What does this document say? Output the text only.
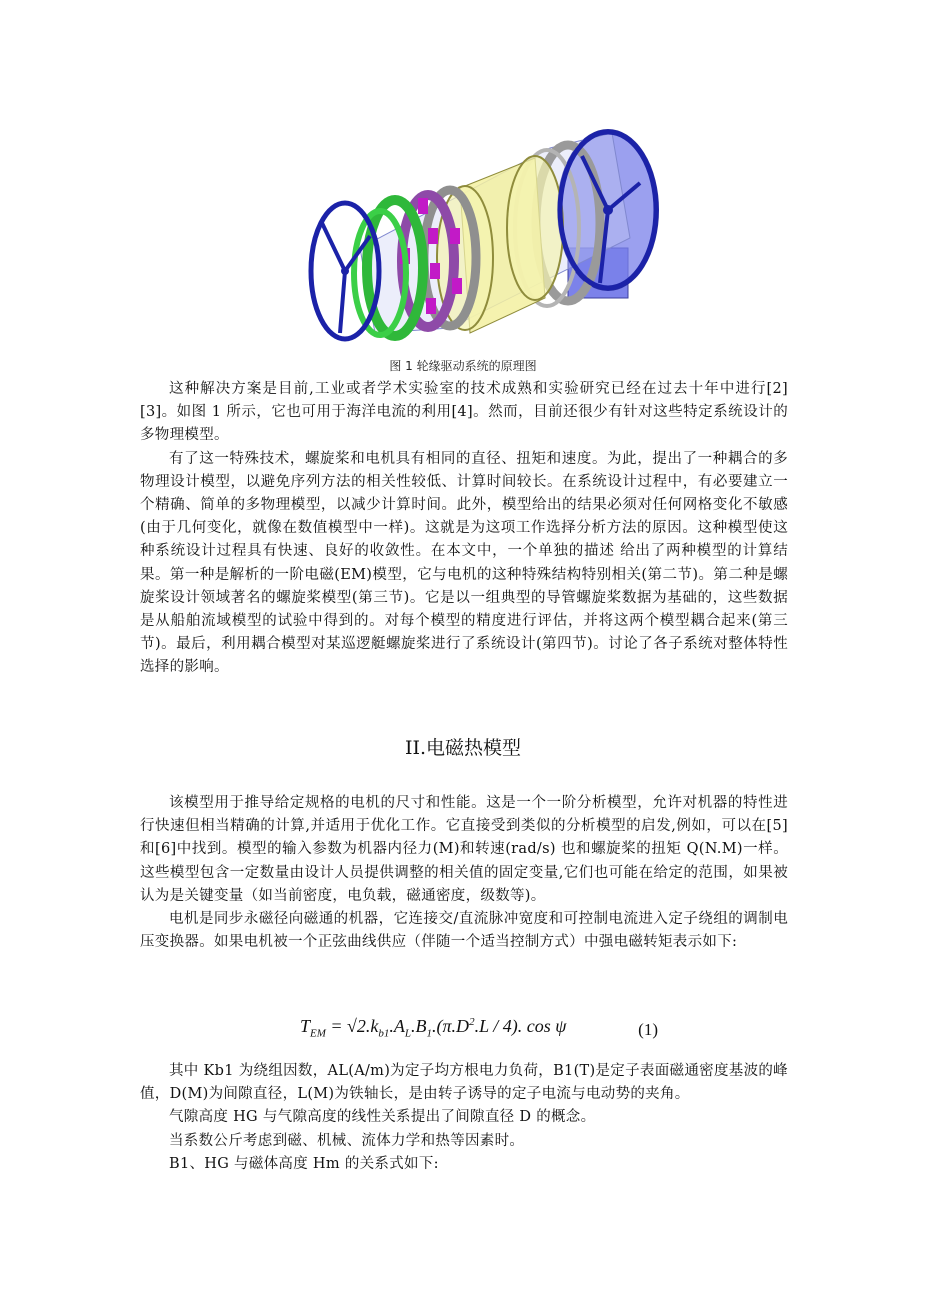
图 1 轮缘驱动系统的原理图

这种解决方案是目前,工业或者学术实验室的技术成熟和实验研究已经在过去十年中进行[2][3]。如图 1 所示，它也可用于海洋电流的利用[4]。然而，目前还很少有针对这些特定系统设计的多物理模型。

有了这一特殊技术，螺旋桨和电机具有相同的直径、扭矩和速度。为此，提出了一种耦合的多物理设计模型，以避免序列方法的相关性较低、计算时间较长。在系统设计过程中，有必要建立一个精确、简单的多物理模型，以减少计算时间。此外，模型给出的结果必须对任何网格变化不敏感(由于几何变化，就像在数值模型中一样)。这就是为这项工作选择分析方法的原因。这种模型使这种系统设计过程具有快速、良好的收敛性。在本文中，一个单独的描述 给出了两种模型的计算结果。第一种是解析的一阶电磁(EM)模型，它与电机的这种特殊结构特别相关(第二节)。第二种是螺旋桨设计领域著名的螺旋桨模型(第三节)。它是以一组典型的导管螺旋桨数据为基础的，这些数据是从船舶流域模型的试验中得到的。对每个模型的精度进行评估，并将这两个模型耦合起来(第三节)。最后，利用耦合模型对某巡逻艇螺旋桨进行了系统设计(第四节)。讨论了各子系统对整体特性选择的影响。

II.电磁热模型

该模型用于推导给定规格的电机的尺寸和性能。这是一个一阶分析模型，允许对机器的特性进行快速但相当精确的计算,并适用于优化工作。它直接受到类似的分析模型的启发,例如，可以在[5]和[6]中找到。模型的输入参数为机器内径力(M)和转速(rad/s) 也和螺旋桨的扭矩 Q(N.M)一样。这些模型包含一定数量由设计人员提供调整的相关值的固定变量,它们也可能在给定的范围，如果被认为是关键变量（如当前密度，电负载，磁通密度，级数等)。

电机是同步永磁径向磁通的机器，它连接交/直流脉冲宽度和可控制电流进入定子绕组的调制电压变换器。如果电机被一个正弦曲线供应（伴随一个适当控制方式）中强电磁转矩表示如下:

$T_{EM} = √2.k_{b1}.A_L.B_1.(\pi.D^2.L / 4)$. cos ψ	(1)

其中 Kb1 为绕组因数，AL(A/m)为定子均方根电力负荷，B1(T)是定子表面磁通密度基波的峰值，D(M)为间隙直径，L(M)为铁轴长，是由转子诱导的定子电流与电动势的夹角。

气隙高度 HG 与气隙高度的线性关系提出了间隙直径 D 的概念。

当系数公斤考虑到磁、机械、流体力学和热等因素时。

B1、HG 与磁体高度 Hm 的关系式如下:
